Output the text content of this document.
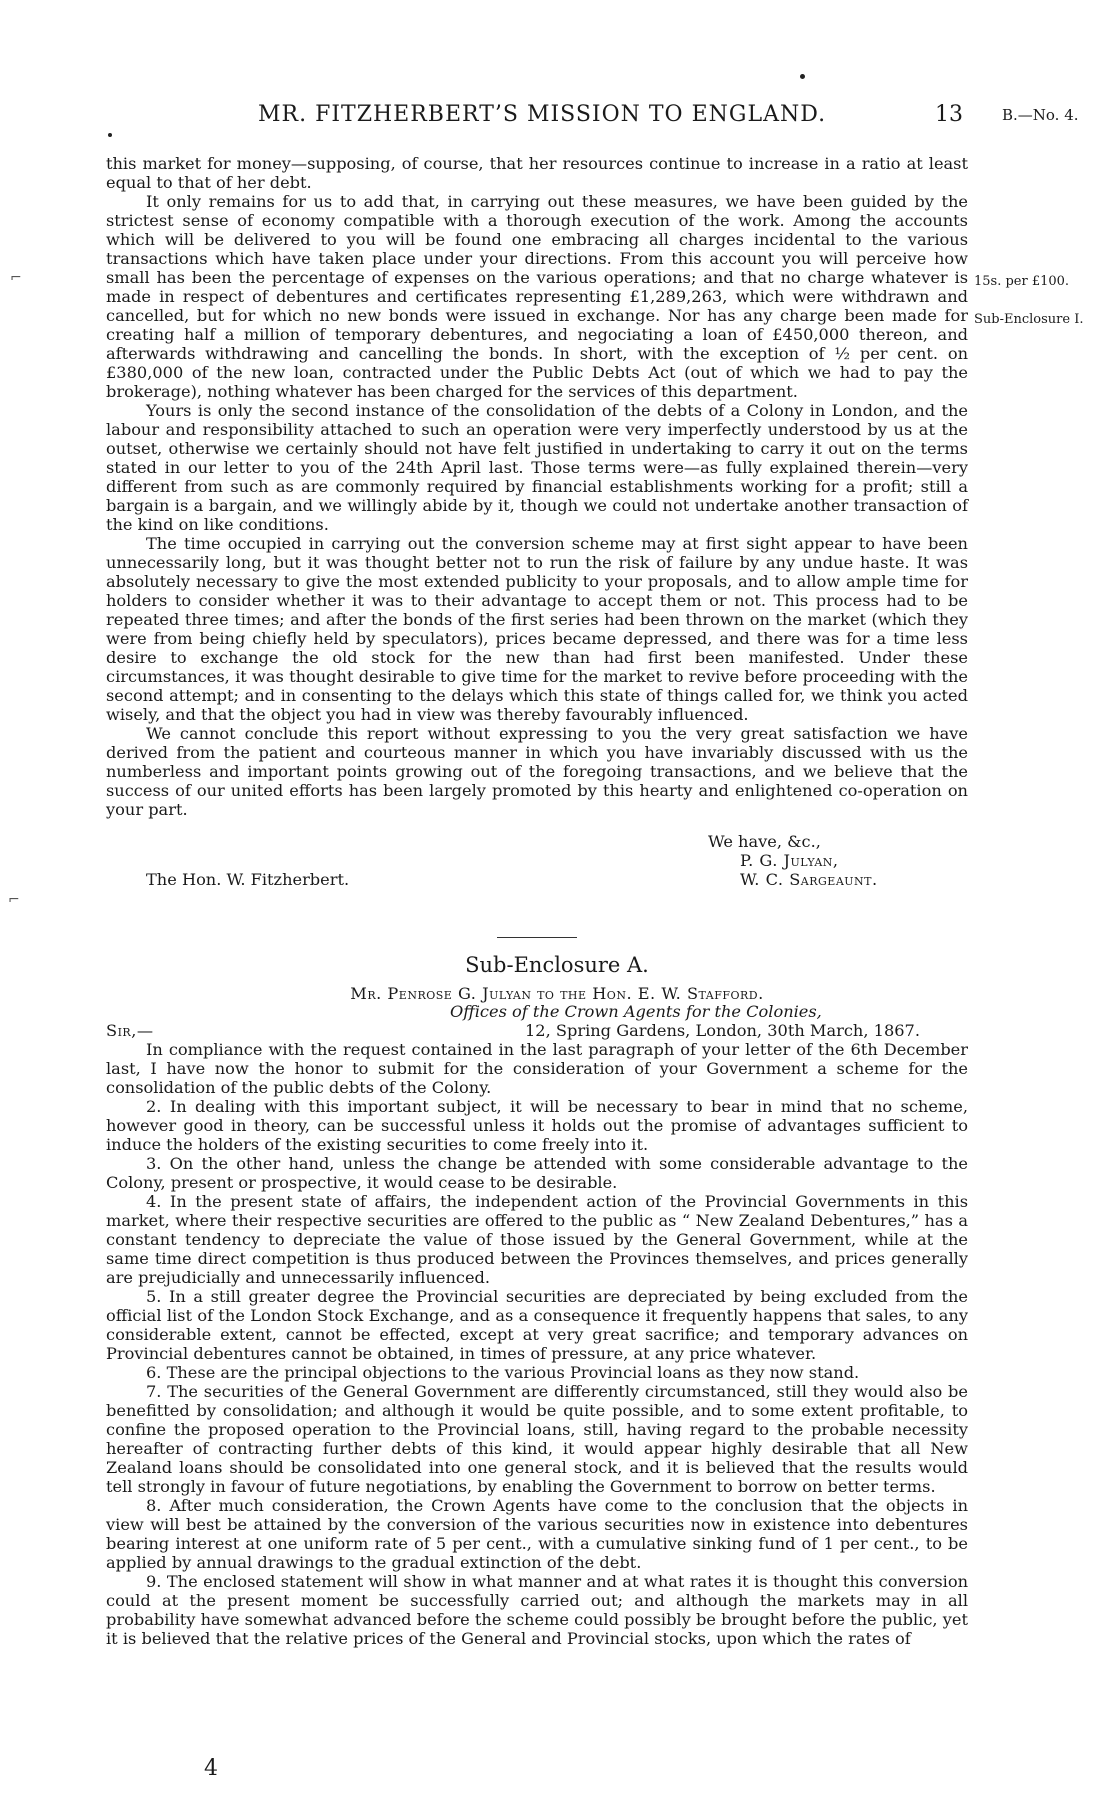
MR. FITZHERBERT’S MISSION TO ENGLAND.	13	B.—No. 4.

this market for money—supposing, of course, that her resources continue to increase in a ratio at least equal to that of her debt.

It only remains for us to add that, in carrying out these measures, we have been guided by the strictest sense of economy compatible with a thorough execution of the work. Among the accounts which will be delivered to you will be found one embracing all charges incidental to the various transactions which have taken place under your directions. From this account you will perceive how small has been the percentage of expenses on the various operations; and that no charge whatever is made in respect of debentures and certificates representing £1,289,263, which were withdrawn and cancelled, but for which no new bonds were issued in exchange. Nor has any charge been made for creating half a million of temporary debentures, and negociating a loan of £450,000 thereon, and afterwards withdrawing and cancelling the bonds. In short, with the exception of ½ per cent. on £380,000 of the new loan, contracted under the Public Debts Act (out of which we had to pay the brokerage), nothing whatever has been charged for the services of this department.

Yours is only the second instance of the consolidation of the debts of a Colony in London, and the labour and responsibility attached to such an operation were very imperfectly understood by us at the outset, otherwise we certainly should not have felt justified in undertaking to carry it out on the terms stated in our letter to you of the 24th April last. Those terms were—as fully explained therein—very different from such as are commonly required by financial establishments working for a profit; still a bargain is a bargain, and we willingly abide by it, though we could not undertake another transaction of the kind on like conditions.

The time occupied in carrying out the conversion scheme may at first sight appear to have been unnecessarily long, but it was thought better not to run the risk of failure by any undue haste. It was absolutely necessary to give the most extended publicity to your proposals, and to allow ample time for holders to consider whether it was to their advantage to accept them or not. This process had to be repeated three times; and after the bonds of the first series had been thrown on the market (which they were from being chiefly held by speculators), prices became depressed, and there was for a time less desire to exchange the old stock for the new than had first been manifested. Under these circumstances, it was thought desirable to give time for the market to revive before proceeding with the second attempt; and in consenting to the delays which this state of things called for, we think you acted wisely, and that the object you had in view was thereby favourably influenced.

We cannot conclude this report without expressing to you the very great satisfaction we have derived from the patient and courteous manner in which you have invariably discussed with us the numberless and important points growing out of the foregoing transactions, and we believe that the success of our united efforts has been largely promoted by this hearty and enlightened co-operation on your part.

15s. per £100.
Sub-Enclosure I.
⌐
⌐
We have, &c.,
P. G. Julyan,
The Hon. W. Fitzherbert.	W. C. Sargeaunt.
Sub-Enclosure A.
Mr. Penrose G. Julyan to the Hon. E. W. Stafford.
Offices of the Crown Agents for the Colonies,
Sir,—	12, Spring Gardens, London, 30th March, 1867.

In compliance with the request contained in the last paragraph of your letter of the 6th December last, I have now the honor to submit for the consideration of your Government a scheme for the consolidation of the public debts of the Colony.

2. In dealing with this important subject, it will be necessary to bear in mind that no scheme, however good in theory, can be successful unless it holds out the promise of advantages sufficient to induce the holders of the existing securities to come freely into it.

3. On the other hand, unless the change be attended with some considerable advantage to the Colony, present or prospective, it would cease to be desirable.

4. In the present state of affairs, the independent action of the Provincial Governments in this market, where their respective securities are offered to the public as “ New Zealand Debentures,” has a constant tendency to depreciate the value of those issued by the General Government, while at the same time direct competition is thus produced between the Provinces themselves, and prices generally are prejudicially and unnecessarily influenced.

5. In a still greater degree the Provincial securities are depreciated by being excluded from the official list of the London Stock Exchange, and as a consequence it frequently happens that sales, to any considerable extent, cannot be effected, except at very great sacrifice; and temporary advances on Provincial debentures cannot be obtained, in times of pressure, at any price whatever.

6. These are the principal objections to the various Provincial loans as they now stand.

7. The securities of the General Government are differently circumstanced, still they would also be benefitted by consolidation; and although it would be quite possible, and to some extent profitable, to confine the proposed operation to the Provincial loans, still, having regard to the probable necessity hereafter of contracting further debts of this kind, it would appear highly desirable that all New Zealand loans should be consolidated into one general stock, and it is believed that the results would tell strongly in favour of future negotiations, by enabling the Government to borrow on better terms.

8. After much consideration, the Crown Agents have come to the conclusion that the objects in view will best be attained by the conversion of the various securities now in existence into debentures bearing interest at one uniform rate of 5 per cent., with a cumulative sinking fund of 1 per cent., to be applied by annual drawings to the gradual extinction of the debt.

9. The enclosed statement will show in what manner and at what rates it is thought this conversion could at the present moment be successfully carried out; and although the markets may in all probability have somewhat advanced before the scheme could possibly be brought before the public, yet it is believed that the relative prices of the General and Provincial stocks, upon which the rates of

4
